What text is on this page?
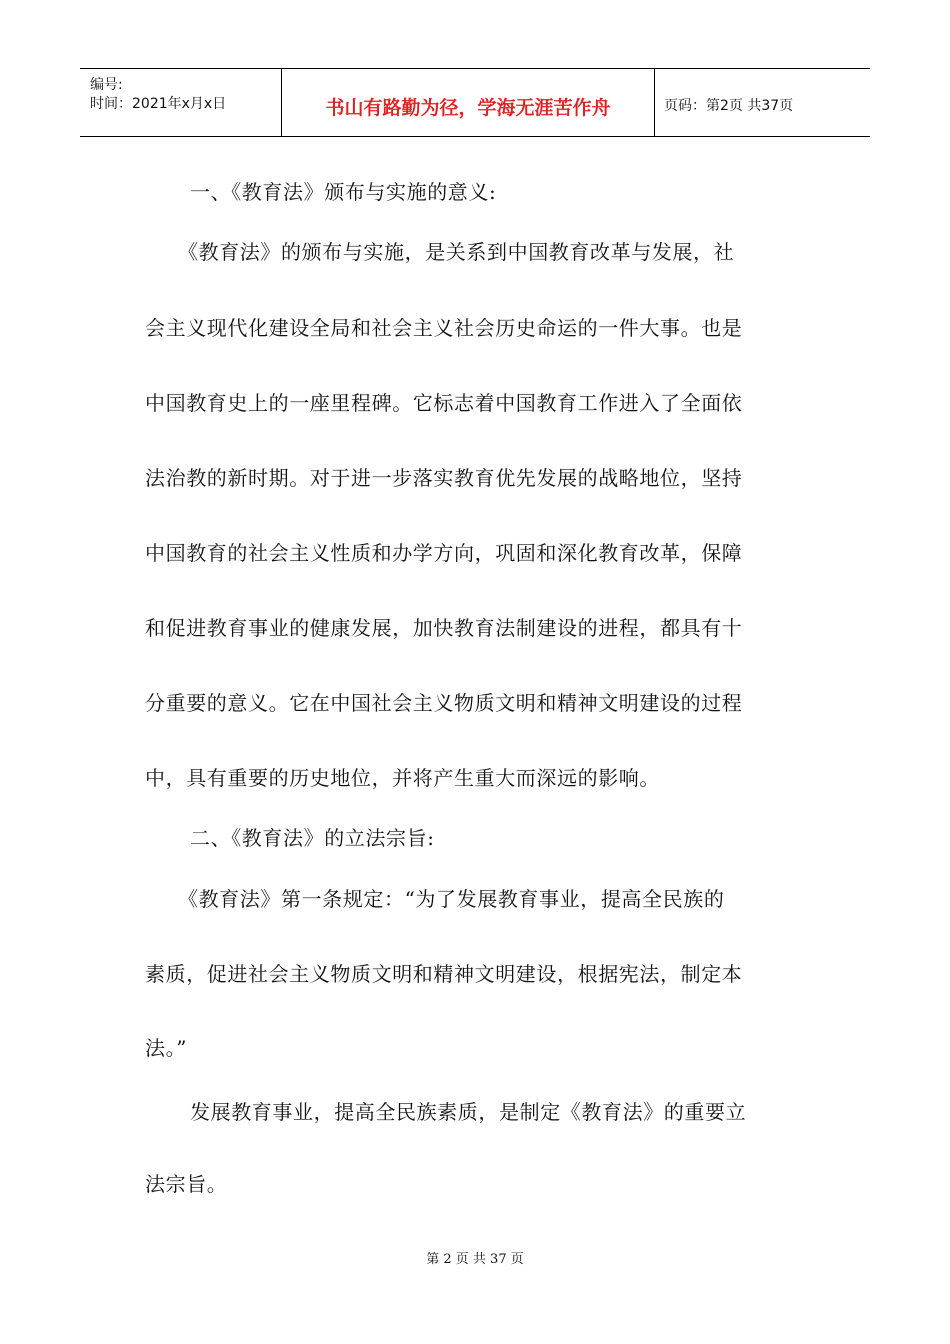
编号:
时间：2021年x月x日	书山有路勤为径，学海无涯苦作舟	页码：第2页 共37页
一、《教育法》颁布与实施的意义:
《教育法》的颁布与实施，是关系到中国教育改革与发展，社
会主义现代化建设全局和社会主义社会历史命运的一件大事。也是
中国教育史上的一座里程碑。它标志着中国教育工作进入了全面依
法治教的新时期。对于进一步落实教育优先发展的战略地位，坚持
中国教育的社会主义性质和办学方向，巩固和深化教育改革，保障
和促进教育事业的健康发展，加快教育法制建设的进程，都具有十
分重要的意义。它在中国社会主义物质文明和精神文明建设的过程
中，具有重要的历史地位，并将产生重大而深远的影响。
二、《教育法》的立法宗旨:
《教育法》第一条规定：“为了发展教育事业，提高全民族的
素质，促进社会主义物质文明和精神文明建设，根据宪法，制定本
法。”
发展教育事业，提高全民族素质，是制定《教育法》的重要立
法宗旨。
第 2 页 共 37 页
